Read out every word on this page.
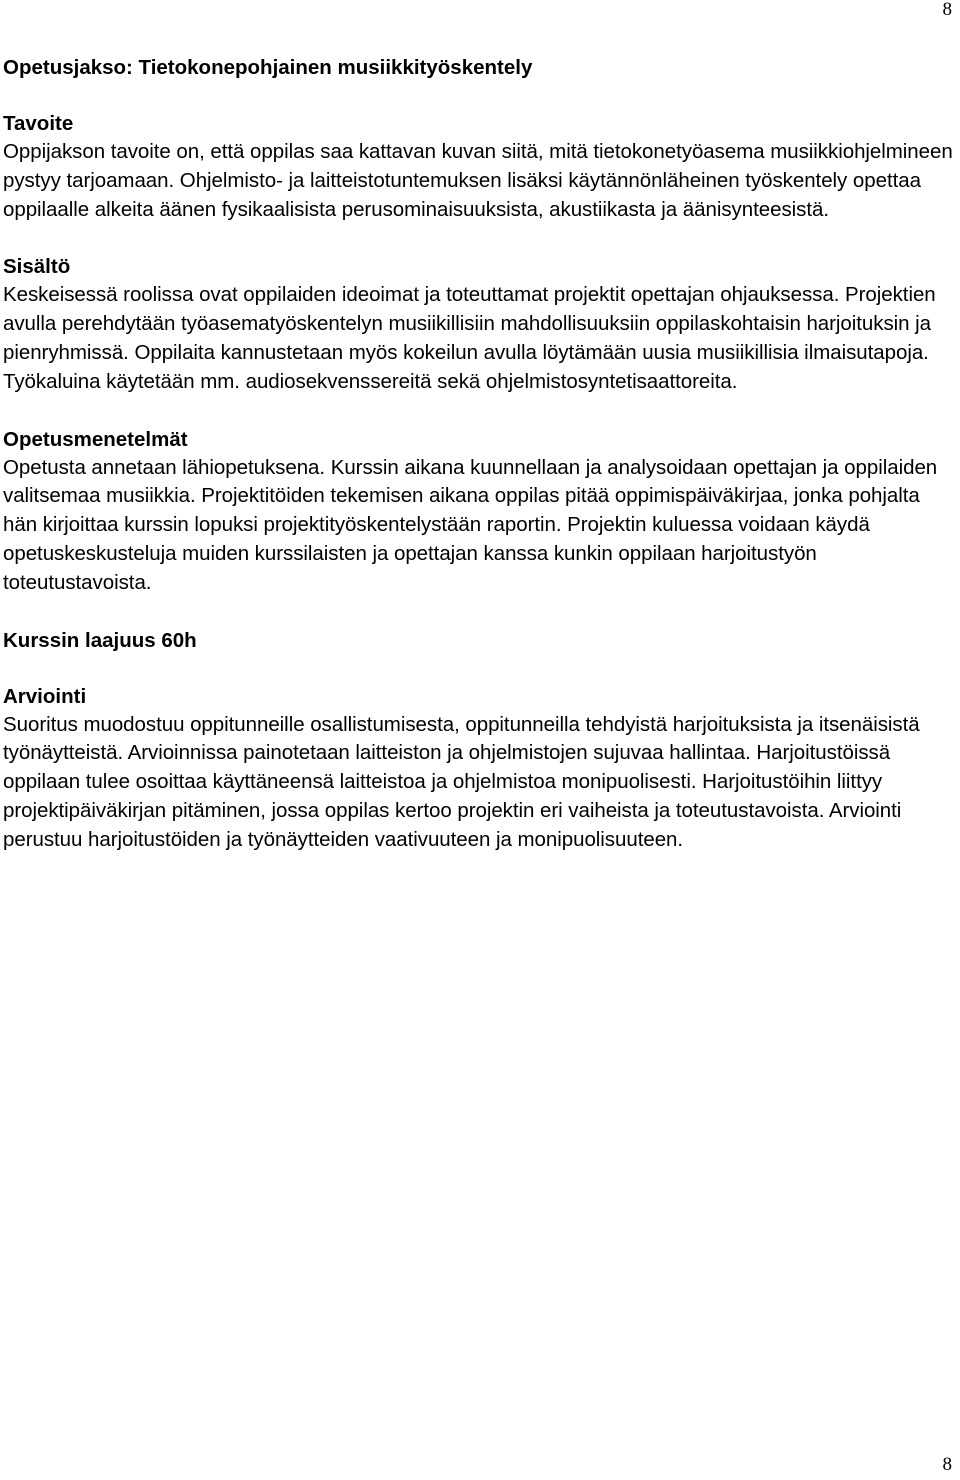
8
Opetusjakso: Tietokonepohjainen musiikkityöskentely
Tavoite
Oppijakson tavoite on, että oppilas saa kattavan kuvan siitä, mitä tietokonetyöasema musiikkiohjelmineen pystyy tarjoamaan. Ohjelmisto- ja laitteistotuntemuksen lisäksi käytännönläheinen työskentely opettaa oppilaalle alkeita äänen fysikaalisista perusominaisuuksista, akustiikasta ja äänisynteesistä.
Sisältö
Keskeisessä roolissa ovat oppilaiden ideoimat ja toteuttamat projektit opettajan ohjauksessa. Projektien avulla perehdytään työasematyöskentelyn musiikillisiin mahdollisuuksiin oppilaskohtaisin harjoituksin ja pienryhmissä. Oppilaita kannustetaan myös kokeilun avulla löytämään uusia musiikillisia ilmaisutapoja. Työkaluina käytetään mm. audiosekvenssereitä sekä ohjelmistosyntetisaattoreita.
Opetusmenetelmät
Opetusta annetaan lähiopetuksena. Kurssin aikana kuunnellaan ja analysoidaan opettajan ja oppilaiden valitsemaa musiikkia. Projektitöiden tekemisen aikana oppilas pitää oppimispäiväkirjaa, jonka pohjalta hän kirjoittaa kurssin lopuksi projektityöskentelystään raportin. Projektin kuluessa voidaan käydä opetuskeskusteluja muiden kurssilaisten ja opettajan kanssa kunkin oppilaan harjoitustyön toteutustavoista.
Kurssin laajuus 60h
Arviointi
Suoritus muodostuu oppitunneille osallistumisesta, oppitunneilla tehdyistä harjoituksista ja itsenäisistä työnäytteistä. Arvioinnissa painotetaan laitteiston ja ohjelmistojen sujuvaa hallintaa. Harjoitustöissä oppilaan tulee osoittaa käyttäneensä laitteistoa ja ohjelmistoa monipuolisesti. Harjoitustöihin liittyy projektipäiväkirjan pitäminen, jossa oppilas kertoo projektin eri vaiheista ja toteutustavoista. Arviointi perustuu harjoitustöiden ja työnäytteiden vaativuuteen ja monipuolisuuteen.
8
